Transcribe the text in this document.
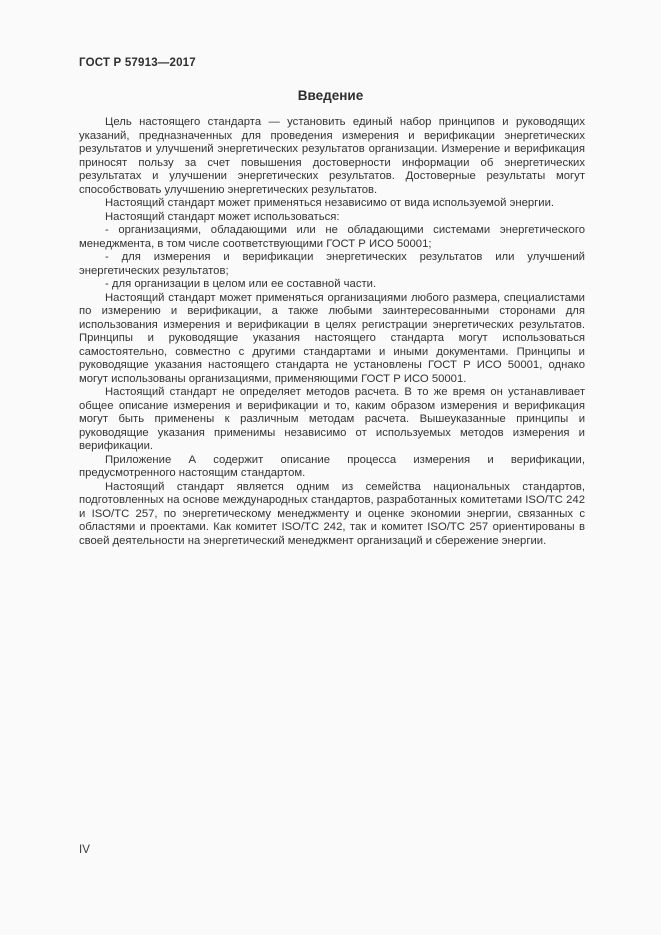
ГОСТ Р 57913—2017
Введение

Цель настоящего стандарта — установить единый набор принципов и руководящих указаний, предназначенных для проведения измерения и верификации энергетических результатов и улучшений энергетических результатов организации. Измерение и верификация приносят пользу за счет повышения достоверности информации об энергетических результатах и улучшении энергетических результатов. Достоверные результаты могут способствовать улучшению энергетических результатов.

Настоящий стандарт может применяться независимо от вида используемой энергии.

Настоящий стандарт может использоваться:

- организациями, обладающими или не обладающими системами энергетического менеджмента, в том числе соответствующими ГОСТ Р ИСО 50001;

- для измерения и верификации энергетических результатов или улучшений энергетических результатов;

- для организации в целом или ее составной части.

Настоящий стандарт может применяться организациями любого размера, специалистами по измерению и верификации, а также любыми заинтересованными сторонами для использования измерения и верификации в целях регистрации энергетических результатов. Принципы и руководящие указания настоящего стандарта могут использоваться самостоятельно, совместно с другими стандартами и иными документами. Принципы и руководящие указания настоящего стандарта не установлены ГОСТ Р ИСО 50001, однако могут использованы организациями, применяющими ГОСТ Р ИСО 50001.

Настоящий стандарт не определяет методов расчета. В то же время он устанавливает общее описание измерения и верификации и то, каким образом измерения и верификация могут быть применены к различным методам расчета. Вышеуказанные принципы и руководящие указания применимы независимо от используемых методов измерения и верификации.

Приложение А содержит описание процесса измерения и верификации, предусмотренного настоящим стандартом.

Настоящий стандарт является одним из семейства национальных стандартов, подготовленных на основе международных стандартов, разработанных комитетами ISO/TC 242 и ISO/TC 257, по энергетическому менеджменту и оценке экономии энергии, связанных с областями и проектами. Как комитет ISO/TC 242, так и комитет ISO/TC 257 ориентированы в своей деятельности на энергетический менеджмент организаций и сбережение энергии.

IV
